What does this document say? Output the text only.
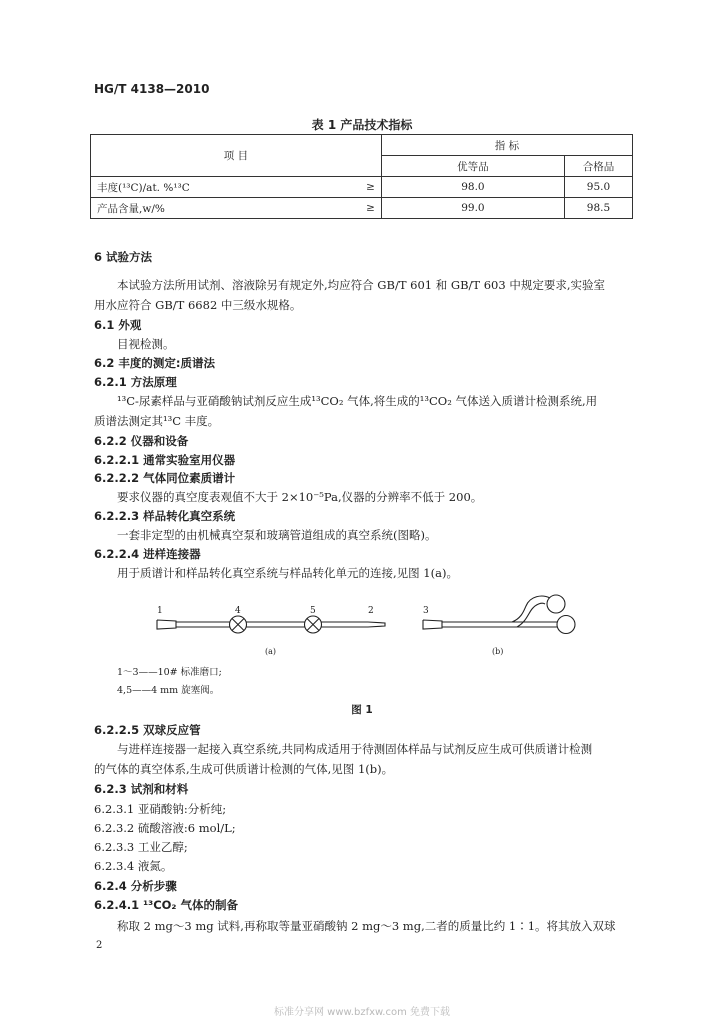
HG/T 4138—2010
表 1 产品技术指标
项 目		指 标	
		优等品	合格品
丰度(¹³C)/at. %¹³C	≥	98.0	95.0
产品含量,w/%	≥	99.0	98.5
6 试验方法
本试验方法所用试剂、溶液除另有规定外,均应符合 GB/T 601 和 GB/T 603 中规定要求,实验室
用水应符合 GB/T 6682 中三级水规格。
6.1 外观
目视检测。
6.2 丰度的测定:质谱法
6.2.1 方法原理
¹³C-尿素样品与亚硝酸钠试剂反应生成¹³CO₂ 气体,将生成的¹³CO₂ 气体送入质谱计检测系统,用
质谱法测定其¹³C 丰度。
6.2.2 仪器和设备
6.2.2.1 通常实验室用仪器
6.2.2.2 气体同位素质谱计
要求仪器的真空度表观值不大于 2×10⁻⁵Pa,仪器的分辨率不低于 200。
6.2.2.3 样品转化真空系统
一套非定型的由机械真空泵和玻璃管道组成的真空系统(图略)。
6.2.2.4 进样连接器
用于质谱计和样品转化真空系统与样品转化单元的连接,见图 1(a)。
1	4	5	2	3
(a)	(b)
1～3——10# 标准磨口;
4,5——4 mm 旋塞阀。
图 1
6.2.2.5 双球反应管
与进样连接器一起接入真空系统,共同构成适用于待测固体样品与试剂反应生成可供质谱计检测
的气体的真空体系,生成可供质谱计检测的气体,见图 1(b)。
6.2.3 试剂和材料
6.2.3.1 亚硝酸钠:分析纯;
6.2.3.2 硫酸溶液:6 mol/L;
6.2.3.3 工业乙醇;
6.2.3.4 液氮。
6.2.4 分析步骤
6.2.4.1 ¹³CO₂ 气体的制备
称取 2 mg～3 mg 试料,再称取等量亚硝酸钠 2 mg～3 mg,二者的质量比约 1∶1。将其放入双球
2
标准分享网 www.bzfxw.com 免费下载
